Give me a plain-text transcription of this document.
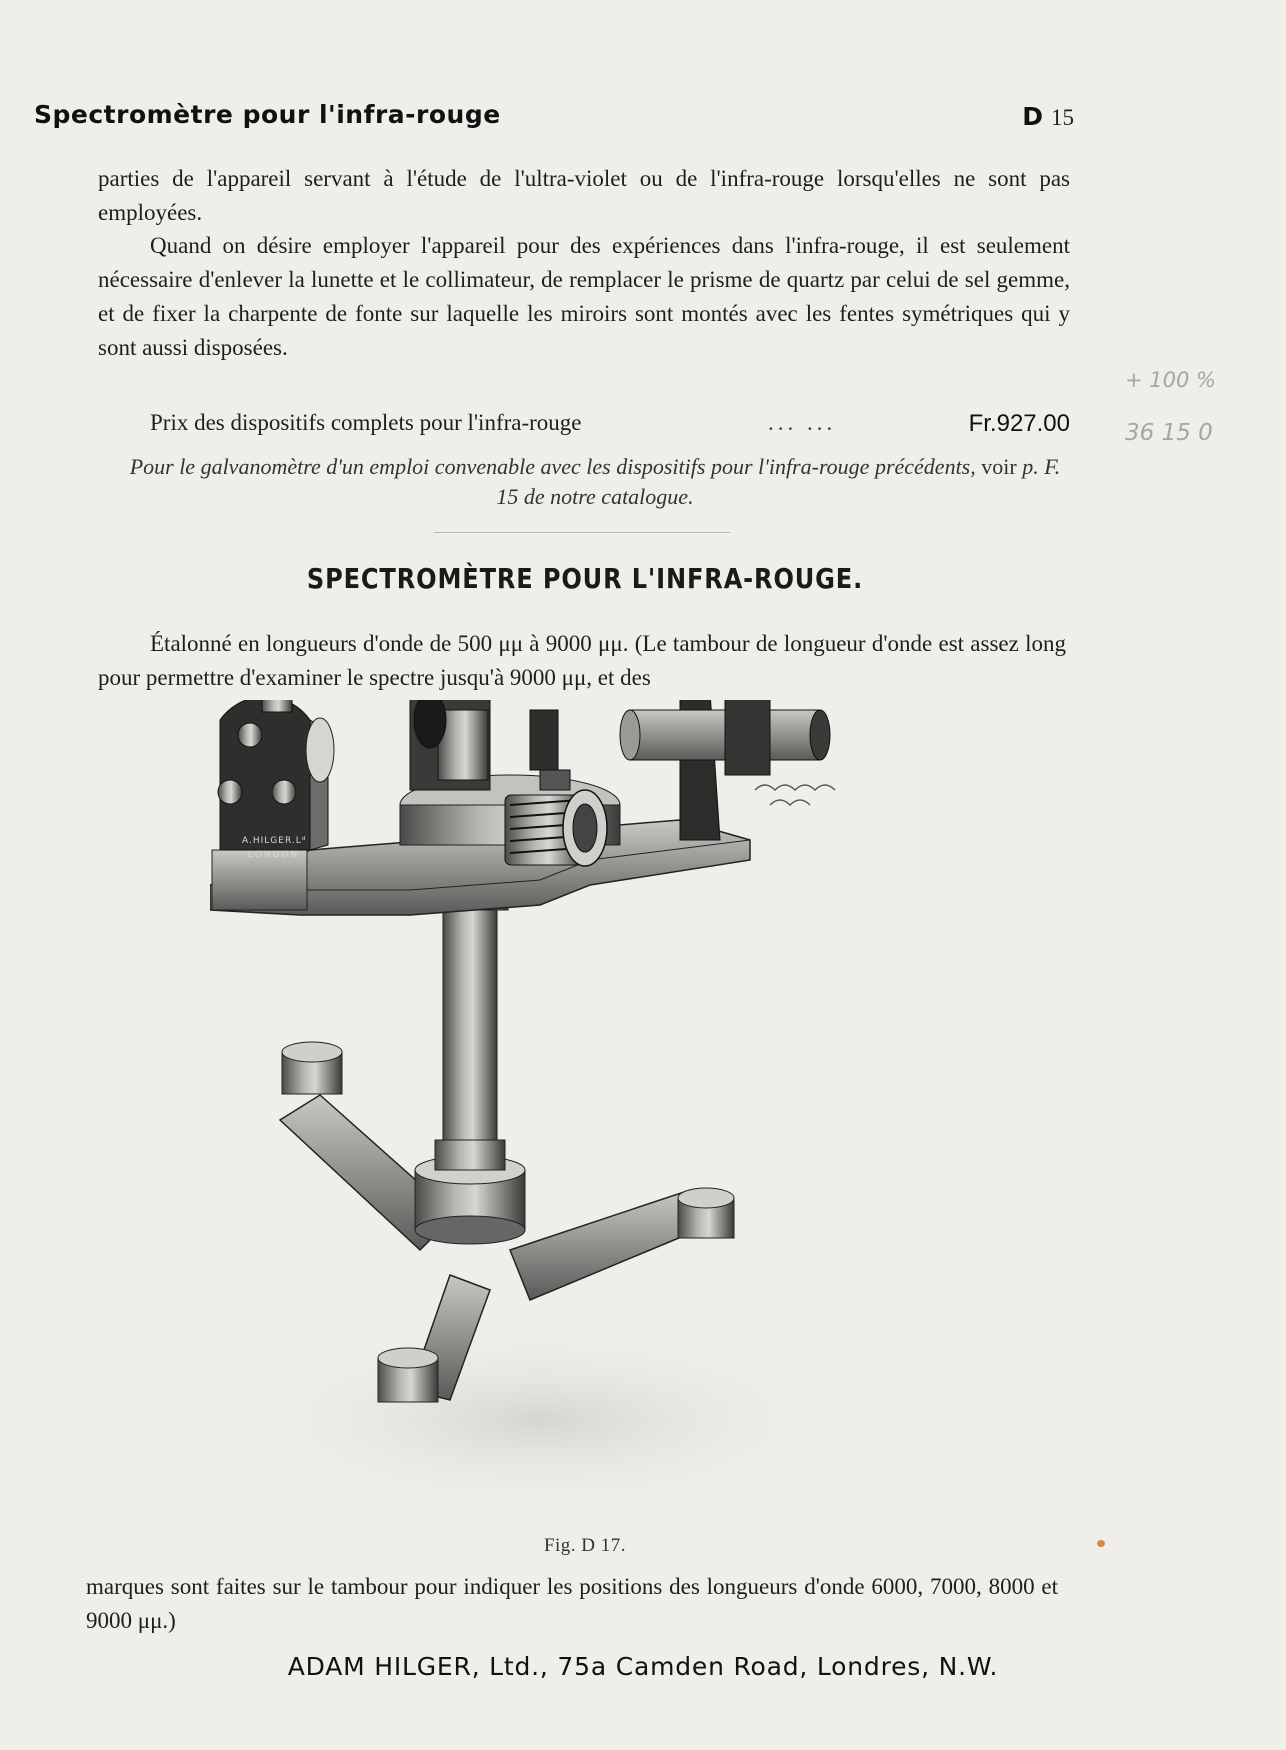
Spectromètre pour l'infra-rouge	D 15

parties de l'appareil servant à l'étude de l'ultra-violet ou de l'infra-rouge lorsqu'elles ne sont pas employées.

Quand on désire employer l'appareil pour des expériences dans l'infra-rouge, il est seulement nécessaire d'enlever la lunette et le collimateur, de remplacer le prisme de quartz par celui de sel gemme, et de fixer la charpente de fonte sur laquelle les miroirs sont montés avec les fentes symétriques qui y sont aussi disposées.

Prix des dispositifs complets pour l'infra-rouge	... ...	Fr.927.00
Pour le galvanomètre d'un emploi convenable avec les dispositifs pour l'infra-rouge précédents, voir p. F. 15 de notre catalogue.
SPECTROMÈTRE POUR L'INFRA-ROUGE.

Étalonné en longueurs d'onde de 500 μμ à 9000 μμ. (Le tambour de longueur d'onde est assez long pour permettre d'examiner le spectre jusqu'à 9000 μμ, et des

A.HILGER.Lᵈ
LONDON
Fig. D 17.

marques sont faites sur le tambour pour indiquer les positions des longueurs d'onde 6000, 7000, 8000 et 9000 μμ.)

ADAM HILGER, Ltd., 75a Camden Road, Londres, N.W.
+ 100 %
36 15 0
